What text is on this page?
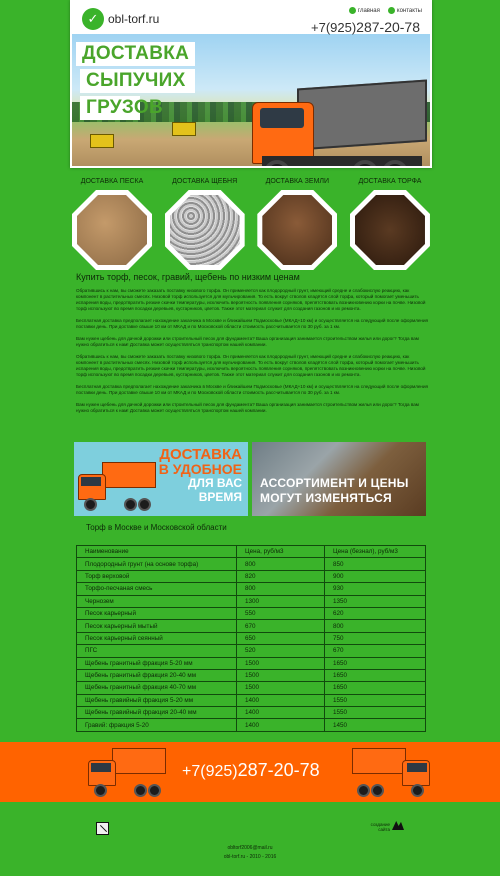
✓ obl-torf.ru
главная	контакты
+7(925)287-20-78
ДОСТАВКА
СЫПУЧИХ
ГРУЗОВ
ДОСТАВКА ПЕСКА	ДОСТАВКА ЩЕБНЯ	ДОСТАВКА ЗЕМЛИ	ДОСТАВКА ТОРФА
Купить торф, песок, гравий, щебень по низким ценам

Обратившись к нам, вы сможете заказать поставку низового торфа. Он применяется как плодородный грунт, имеющий средне и слабокислую реакцию, как компонент в растительных смесях. Низовой торф используется для мульчирования. То есть вокруг стволов кладётся слой торфа, который помогает уменьшить испарения воды, предотвратить резкие скачки температуры, исключить вероятность появления сорняков, препятствовать возникновению корки на почве. Низовой торф используют во время посадки деревьев, кустарников, цветов. Также этот материал служит для создания газонов и их ремонта.

Бесплатная доставка предполагает нахождение заказчика в Москве и ближайшем Подмосковье (МКАД+10 км) и осуществляется на следующий после оформления поставки день. При доставке свыше 10 км от МКАД и по Московской области стоимость рассчитывается по 30 руб. за 1 км.

Вам нужен щебень для дачной дорожки или строительный песок для фундамента? Ваша организация занимается строительством жилья или дорог? Тогда вам нужно обратиться к нам! Доставка может осуществляться транспортом нашей компании.

Обратившись к нам, вы сможете заказать поставку низового торфа. Он применяется как плодородный грунт, имеющий средне и слабокислую реакцию, как компонент в растительных смесях. Низовой торф используется для мульчирования. То есть вокруг стволов кладётся слой торфа, который помогает уменьшить испарения воды, предотвратить резкие скачки температуры, исключить вероятность появления сорняков, препятствовать возникновению корки на почве. Низовой торф используют во время посадки деревьев, кустарников, цветов. Также этот материал служит для создания газонов и их ремонта.

Бесплатная доставка предполагает нахождение заказчика в Москве и ближайшем Подмосковье (МКАД+10 км) и осуществляется на следующий после оформления поставки день. При доставке свыше 10 км от МКАД и по Московской области стоимость рассчитывается по 30 руб. за 1 км.

Вам нужен щебень для дачной дорожки или строительный песок для фундамента? Ваша организация занимается строительством жилья или дорог? Тогда вам нужно обратиться к нам! Доставка может осуществляться транспортом нашей компании.

ДОСТАВКА
В УДОБНОЕ
ДЛЯ ВАС
ВРЕМЯ
АССОРТИМЕНТ И ЦЕНЫ
МОГУТ ИЗМЕНЯТЬСЯ
Торф в Москве и Московской области
Наименование	Цена, руб/м3	Цена (безнал), руб/м3
Плодородный грунт (на основе торфа)	800	850
Торф верховой	820	900
Торфо-песчаная смесь	800	930
Чернозем	1300	1350
Песок карьерный	550	620
Песок карьерный мытый	670	800
Песок карьерный сеянный	650	750
ПГС	520	670
Щебень гранитный фракция 5-20 мм	1500	1650
Щебень гранитный фракция 20-40 мм	1500	1650
Щебень гранитный фракция 40-70 мм	1500	1650
Щебень гравийный фракция 5-20 мм	1400	1550
Щебень гравийный фракция 20-40 мм	1400	1550
Гравий: фракция 5-20	1400	1450
+7(925)287-20-78
создание сайта
obltorf2006@mail.ru
obl-torf.ru - 2010 - 2016
